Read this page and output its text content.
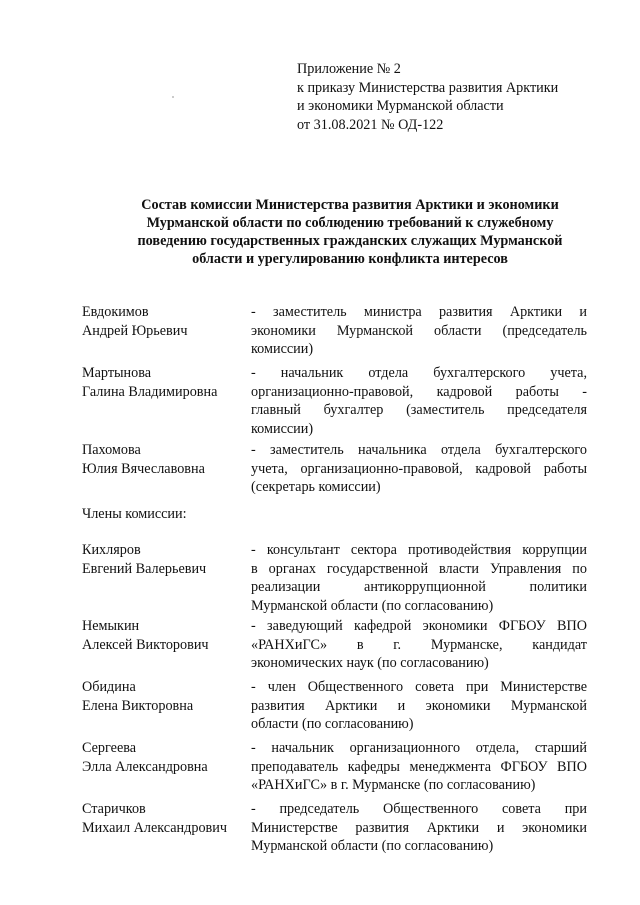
Приложение № 2
к приказу Министерства развития Арктики
и экономики Мурманской области
от 31.08.2021 № ОД-122
Состав комиссии Министерства развития Арктики и экономики
Мурманской области по соблюдению требований к служебному
поведению государственных гражданских служащих Мурманской
области и урегулированию конфликта интересов
Евдокимов
Андрей Юрьевич
- заместитель министра развития Арктики и
экономики Мурманской области (председатель
комиссии)
Мартынова
Галина Владимировна
- начальник отдела бухгалтерского учета,
организационно-правовой, кадровой работы -
главный бухгалтер (заместитель председателя
комиссии)
Пахомова
Юлия Вячеславовна
- заместитель начальника отдела бухгалтерского
учета, организационно-правовой, кадровой работы
(секретарь комиссии)
Члены комиссии:
Кихляров
Евгений Валерьевич
- консультант сектора противодействия коррупции
в органах государственной власти Управления по
реализации антикоррупционной политики
Мурманской области (по согласованию)
Немыкин
Алексей Викторович
- заведующий кафедрой экономики ФГБОУ ВПО
«РАНХиГС» в г. Мурманске, кандидат
экономических наук (по согласованию)
Обидина
Елена Викторовна
- член Общественного совета при Министерстве
развития Арктики и экономики Мурманской
области (по согласованию)
Сергеева
Элла Александровна
- начальник организационного отдела, старший
преподаватель кафедры менеджмента ФГБОУ ВПО
«РАНХиГС» в г. Мурманске (по согласованию)
Старичков
Михаил Александрович
- председатель Общественного совета при
Министерстве развития Арктики и экономики
Мурманской области (по согласованию)
